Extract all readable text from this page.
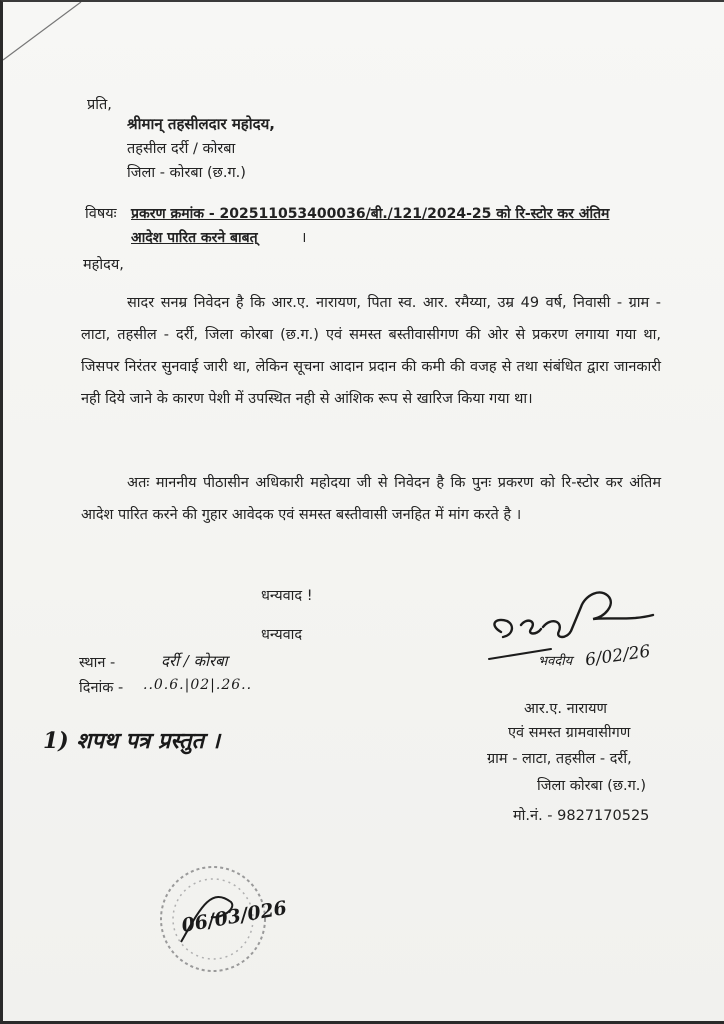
प्रति,
श्रीमान् तहसीलदार महोदय,
तहसील दर्री / कोरबा
जिला - कोरबा (छ.ग.)
विषयः प्रकरण क्रमांक - 202511053400036/बी./121/2024-25 को रि-स्टोर कर अंतिम
आदेश पारित करने बाबत्	।
महोदय,
सादर सनम्र निवेदन है कि आर.ए. नारायण, पिता स्व. आर. रमैय्या, उम्र 49 वर्ष, निवासी - ग्राम - लाटा, तहसील - दर्री, जिला कोरबा (छ.ग.) एवं समस्त बस्तीवासीगण की ओर से प्रकरण लगाया गया था, जिसपर निरंतर सुनवाई जारी था, लेकिन सूचना आदान प्रदान की कमी की वजह से तथा संबंधित द्वारा जानकारी नही दिये जाने के कारण पेशी में उपस्थित नही से आंशिक रूप से खारिज किया गया था।
अतः माननीय पीठासीन अधिकारी महोदया जी से निवेदन है कि पुनः प्रकरण को रि-स्टोर कर अंतिम आदेश पारित करने की गुहार आवेदक एवं समस्त बस्तीवासी जनहित में मांग करते है ।
धन्यवाद !
धन्यवाद
स्थान -	दर्री / कोरबा
दिनांक - ..0.6.|02|.26..
1) शपथ पत्र प्रस्तुत ।
भवदीय 6/02/26
आर.ए. नारायण
एवं समस्त ग्रामवासीगण
ग्राम - लाटा, तहसील - दर्री,
जिला कोरबा (छ.ग.)
मो.नं. - 9827170525
06/03/026
